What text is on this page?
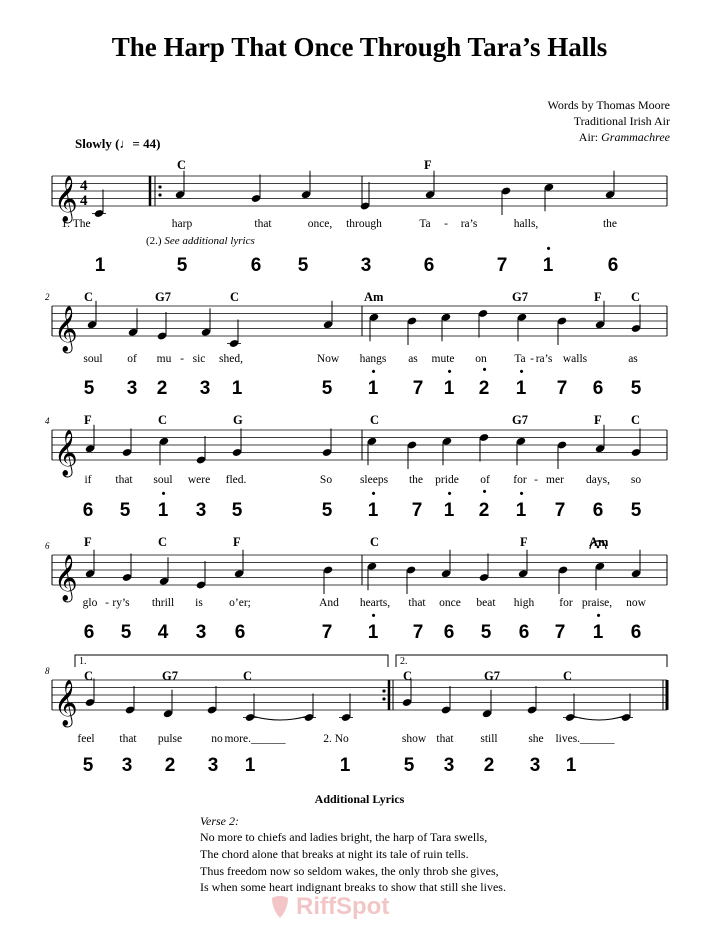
The Harp That Once Through Tara’s Halls
Words by Thomas Moore
Traditional Irish Air
Air: Grammachree
Slowly (♩= 44)
𝄞
𝄞
𝄞
𝄞
𝄞
4
4
C	F
1. The	harp	that	once, through	Ta - ra’s	halls,	the
1	5	6 5	3	6	7 1
•
6
C	G7	C	Am	G7	F C
soul of mu - sic shed,	Now hangs as mute on Ta - ra’s walls	as
5 3 2 3 1	5 1
•
7 1
•
2
•
1
•
7 6 5
2
F	C	G	C	G7	F C
if that soul were fled.	So sleeps the pride of for - mer days, so
6 5 1
•
3 5	5 1
•
7 1
•
2
•
1
•
7 6 5
4
F	C	F	C	F	Am
glo - ry’s thrill is o’er;	And hearts, that once beat high for praise, now
6 5 4 3 6	7 1
•
7 6 5 6 7 1
•
6
6
C	G7	C	C	G7	C
feel that pulse	no more.______	2. No	show that still	she lives.______
5 3 2 3 1	1	5 3 2 3 1
8
1.	2.
(2.) See additional lyrics
Additional Lyrics
Verse 2:
No more to chiefs and ladies bright, the harp of Tara swells,
The chord alone that breaks at night its tale of ruin tells.
Thus freedom now so seldom wakes, the only throb she gives,
Is when some heart indignant breaks to show that still she lives.
RiffSpot
